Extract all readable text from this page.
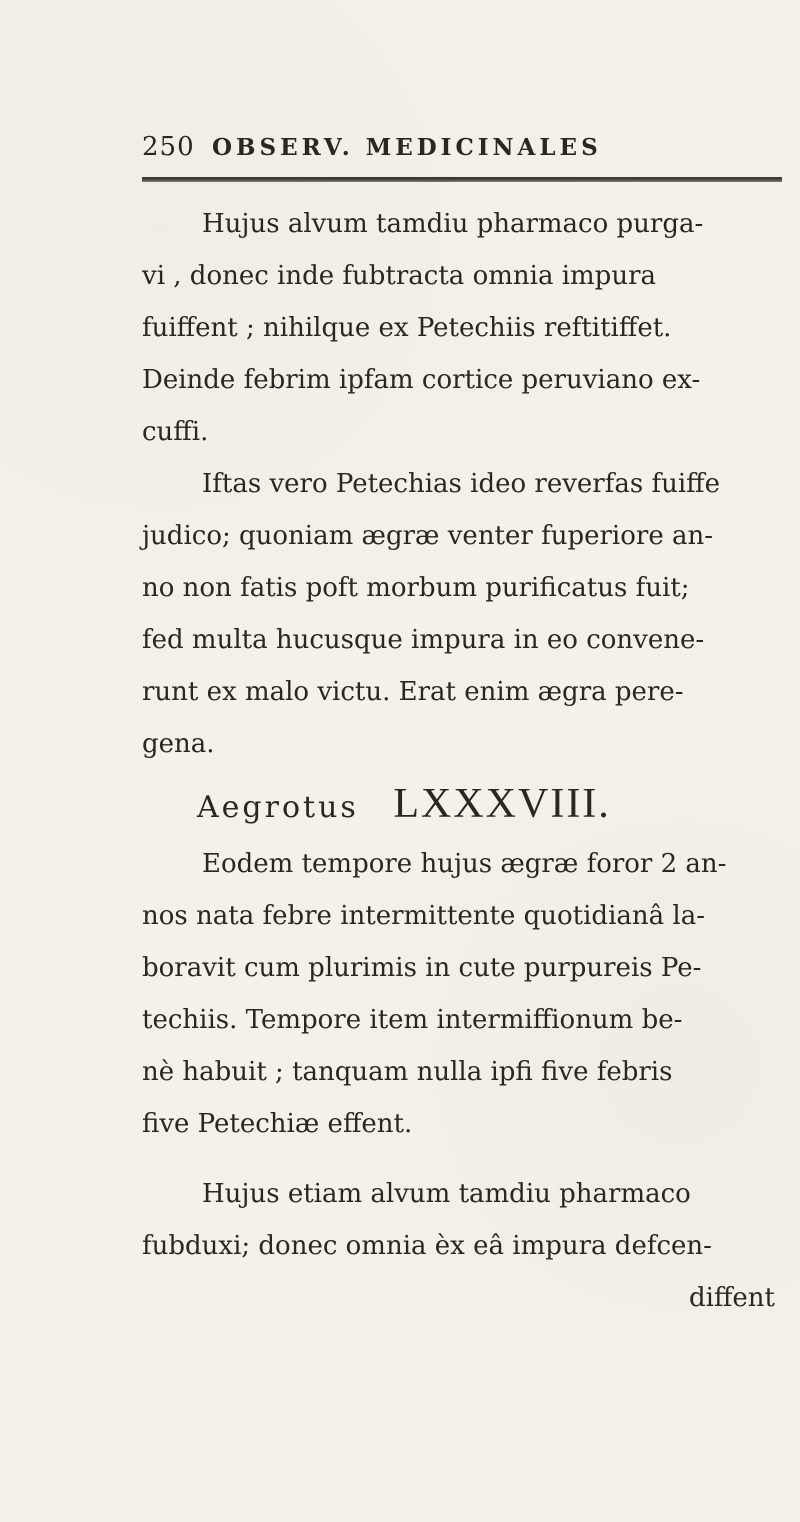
250 OBSERV. MEDICINALES
Hujus alvum tamdiu pharmaco purga-
vi , donec inde fubtracta omnia impura
fuiffent ; nihilque ex Petechiis reftitiffet.
Deinde febrim ipfam cortice peruviano ex-
cuffi.
Iftas vero Petechias ideo reverfas fuiffe
judico; quoniam ægræ venter fuperiore an-
no non fatis poft morbum purificatus fuit;
fed multa hucusque impura in eo convene-
runt ex malo victu. Erat enim ægra pere-
gena.
Aegrotus LXXXVIII.
Eodem tempore hujus ægræ foror 2 an-
nos nata febre intermittente quotidianâ la-
boravit cum plurimis in cute purpureis Pe-
techiis. Tempore item intermiffionum be-
nè habuit ; tanquam nulla ipfi five febris
five Petechiæ effent.
Hujus etiam alvum tamdiu pharmaco
fubduxi; donec omnia èx eâ impura defcen-
diffent
